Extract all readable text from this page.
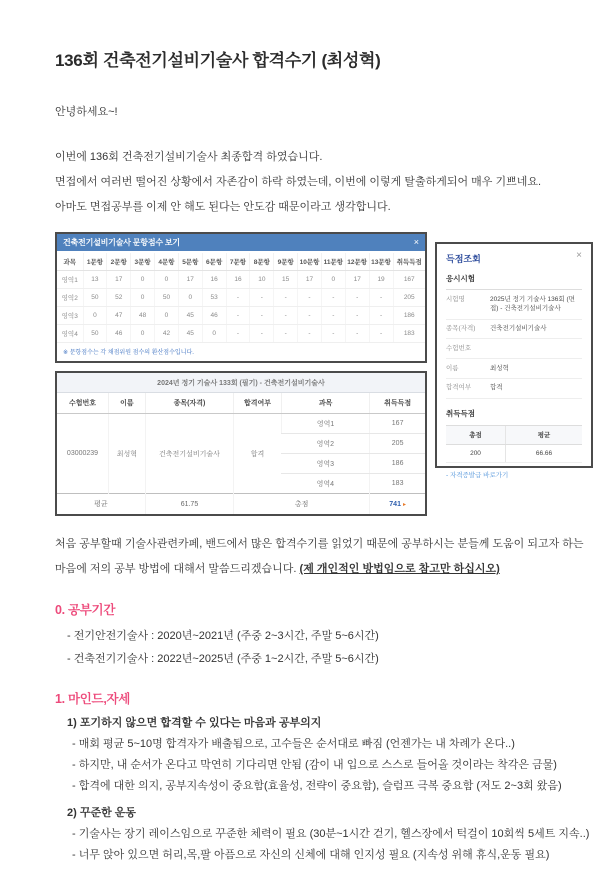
136회 건축전기설비기술사 합격수기 (최성혁)
안녕하세요~!
이번에 136회 건축전기설비기술사 최종합격 하였습니다.
면접에서 여러번 떨어진 상황에서 자존감이 하락 하였는데, 이번에 이렇게 탈출하게되어 매우 기쁘네요.
아마도 면접공부를 이제 안 해도 된다는 안도감 때문이라고 생각합니다.
건축전기설비기술사 문항점수 보기	×
과목	1문항	2문항	3문항	4문항	5문항	6문항	7문항	8문항	9문항	10문항	11문항	12문항	13문항	취득득점
영역1	13	17	0	0	17	16	16	10	15	17	0	17	19	167
영역2	50	52	0	50	0	53	-	-	-	-	-	-	-	205
영역3	0	47	48	0	45	46	-	-	-	-	-	-	-	186
영역4	50	46	0	42	45	0	-	-	-	-	-	-	-	183
※ 문항점수는 각 채점위원 점수의 환산점수입니다.
2024년 정기 기술사 133회 (필기) - 건축전기설비기술사					
수험번호	이름	종목(자격)	합격여부	과목	취득득점
03000239	최성혁	건축전기설비기술사	합격	영역1	167
				영역2	205
				영역3	186
				영역4	183
평균		61.75	총점		741 ▸
득점조회	×
응시시험
시험명	2025년 정기 기술사 136회 (면접) - 건축전기설비기술사
종목(자격)	건축전기설비기술사
수험번호
이름	최성혁
합격여부	합격
취득득점
총점	평균
200	66.66
- 자격증발급 바로가기
처음 공부할때 기술사관련카페, 밴드에서 많은 합격수기를 읽었기 때문에 공부하시는 분들께 도움이 되고자 하는
마음에 저의 공부 방법에 대해서 말씀드리겠습니다. (제 개인적인 방법임으로 참고만 하십시오)
0. 공부기간
- 전기안전기술사 : 2020년~2021년 (주중 2~3시간, 주말 5~6시간)
- 건축전기기술사 : 2022년~2025년 (주중 1~2시간, 주말 5~6시간)
1. 마인드,자세
1) 포기하지 않으면 합격할 수 있다는 마음과 공부의지
- 매회 평균 5~10명 합격자가 배출됨으로, 고수들은 순서대로 빠짐 (언젠가는 내 차례가 온다..)
- 하지만, 내 순서가 온다고 막연히 기다리면 안됨 (감이 내 입으로 스스로 들어올 것이라는 착각은 금물)
- 합격에 대한 의지, 공부지속성이 중요함(효율성, 전략이 중요함), 슬럼프 극복 중요함 (저도 2~3회 왔음)
2) 꾸준한 운동
- 기술사는 장기 레이스임으로 꾸준한 체력이 필요 (30분~1시간 걷기, 헬스장에서 턱걸이 10회씩 5세트 지속..)
- 너무 앉아 있으면 허리,목,팔 아픔으로 자신의 신체에 대해 인지성 필요 (지속성 위해 휴식,운동 필요)
